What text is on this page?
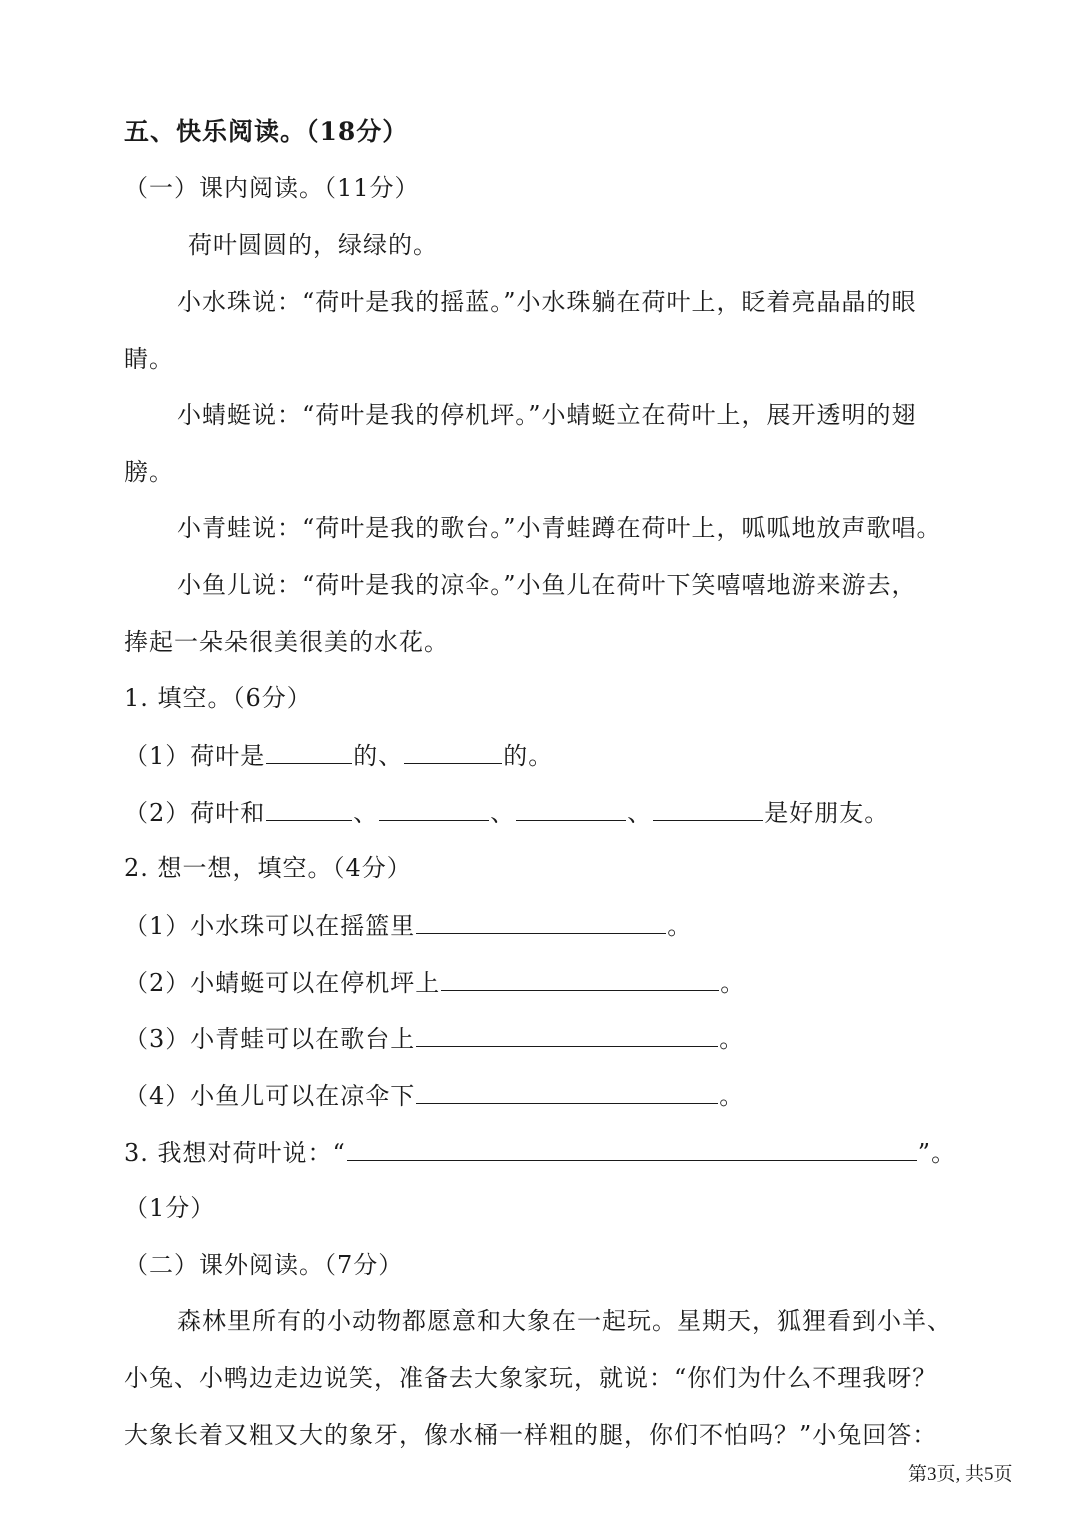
五、快乐阅读。（18分）
（一）课内阅读。（11分）
荷叶圆圆的，绿绿的。
小水珠说：“荷叶是我的摇蓝。”小水珠躺在荷叶上，眨着亮晶晶的眼
睛。
小蜻蜓说：“荷叶是我的停机坪。”小蜻蜓立在荷叶上，展开透明的翅
膀。
小青蛙说：“荷叶是我的歌台。”小青蛙蹲在荷叶上，呱呱地放声歌唱。
小鱼儿说：“荷叶是我的凉伞。”小鱼儿在荷叶下笑嘻嘻地游来游去，
捧起一朵朵很美很美的水花。
1. 填空。（6分）
（1）荷叶是	的、	的。
（2）荷叶和	、	、	、	是好朋友。
2. 想一想，填空。（4分）
（1）小水珠可以在摇篮里	。
（2）小蜻蜓可以在停机坪上	。
（3）小青蛙可以在歌台上	。
（4）小鱼儿可以在凉伞下	。
3. 我想对荷叶说：“	”。
（1分）
（二）课外阅读。（7分）
森林里所有的小动物都愿意和大象在一起玩。星期天，狐狸看到小羊、
小兔、小鸭边走边说笑，准备去大象家玩，就说：“你们为什么不理我呀？
大象长着又粗又大的象牙，像水桶一样粗的腿，你们不怕吗？”小兔回答：
第3页, 共5页
